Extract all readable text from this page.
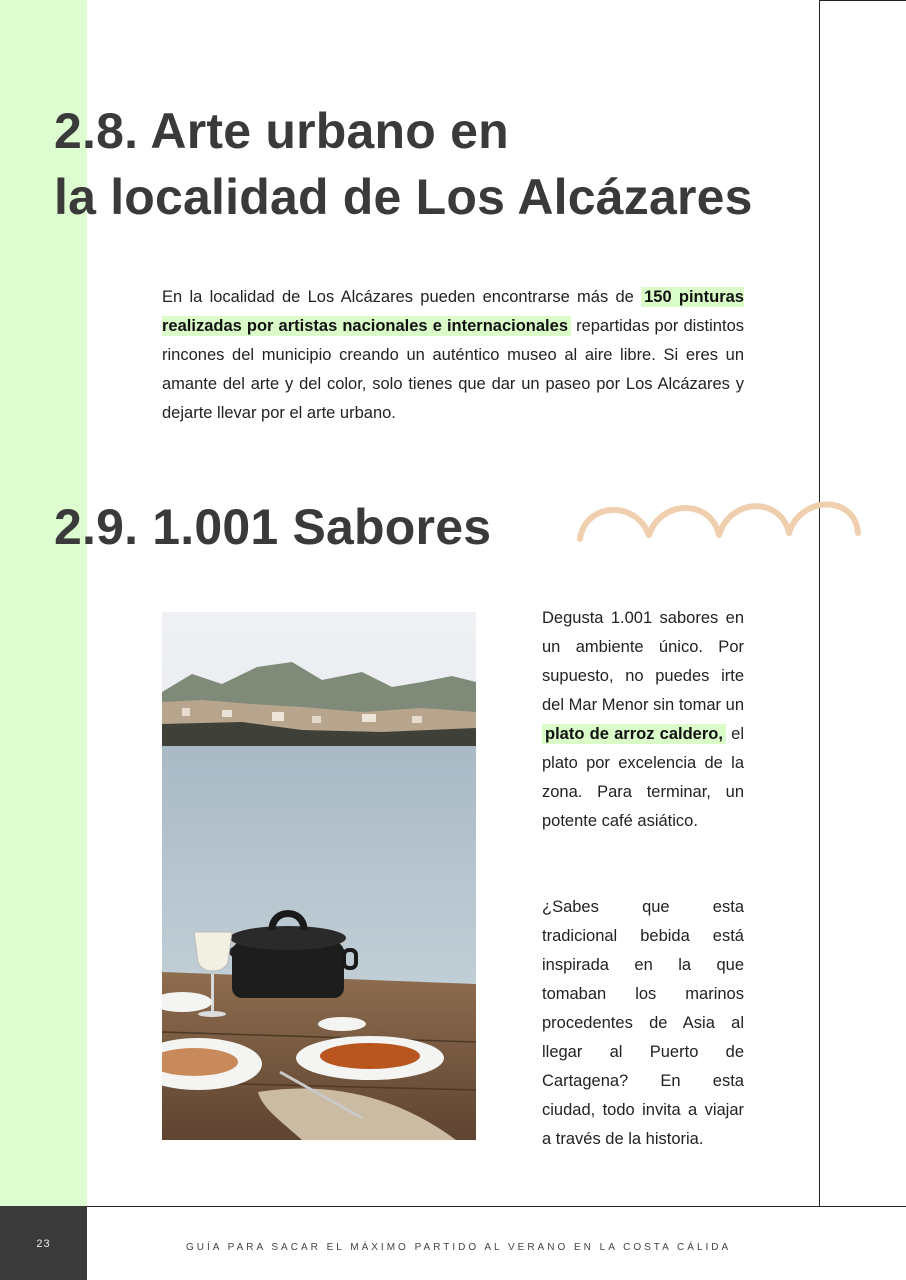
2.8. Arte urbano en
la localidad de Los Alcázares

En la localidad de Los Alcázares pueden encontrarse más de 150 pinturas realizadas por artistas nacionales e internacionales repartidas por distintos rincones del municipio creando un auténtico museo al aire libre. Si eres un amante del arte y del color, solo tienes que dar un paseo por Los Alcázares y dejarte llevar por el arte urbano.

2.9. 1.001 Sabores

Degusta 1.001 sabores en un ambiente único. Por supuesto, no puedes irte del Mar Menor sin tomar un plato de arroz caldero, el plato por excelencia de la zona. Para terminar, un potente café asiático.

¿Sabes que esta tradicional bebida está inspirada en la que tomaban los marinos procedentes de Asia al llegar al Puerto de Cartagena? En esta ciudad, todo invita a viajar a través de la historia.

23	GUÍA PARA SACAR EL MÁXIMO PARTIDO AL VERANO EN LA COSTA CÁLIDA
